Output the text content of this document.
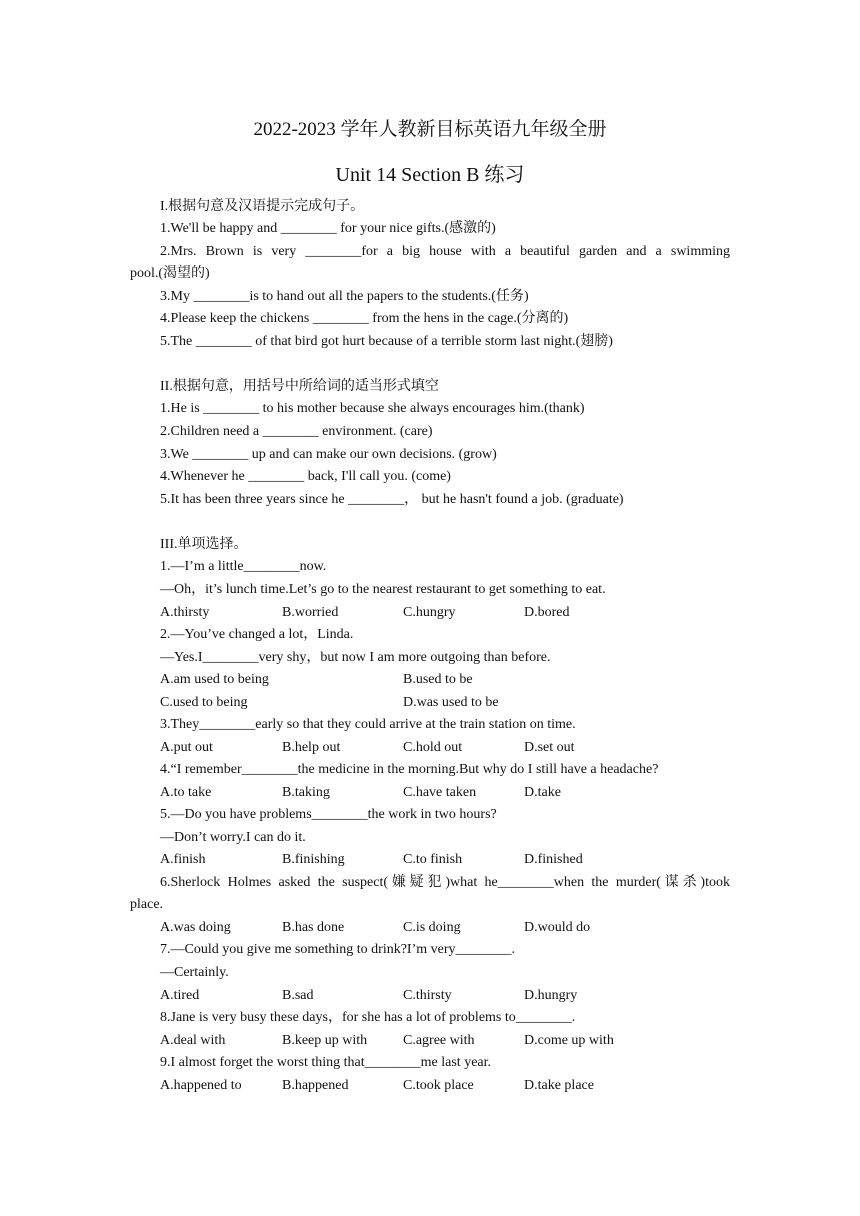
2022-2023 学年人教新目标英语九年级全册
Unit 14 Section B 练习
I.根据句意及汉语提示完成句子。
1.We'll be happy and ________ for your nice gifts.(感激的)
2.Mrs. Brown is very ________for a big house with a beautiful garden and a swimming
pool.(渴望的)
3.My ________is to hand out all the papers to the students.(任务)
4.Please keep the chickens ________ from the hens in the cage.(分离的)
5.The ________ of that bird got hurt because of a terrible storm last night.(翅膀)
II.根据句意，用括号中所给词的适当形式填空
1.He is ________ to his mother because she always encourages him.(thank)
2.Children need a ________ environment. (care)
3.We ________ up and can make our own decisions. (grow)
4.Whenever he ________ back, I'll call you. (come)
5.It has been three years since he ________， but he hasn't found a job. (graduate)
III.单项选择。
1.—I’m a little________now.
—Oh，it’s lunch time.Let’s go to the nearest restaurant to get something to eat.
A.thirsty	B.worried	C.hungry	D.bored
2.—You’ve changed a lot，Linda.
—Yes.I________very shy，but now I am more outgoing than before.
A.am used to being	B.used to be
C.used to being	D.was used to be
3.They________early so that they could arrive at the train station on time.
A.put out	B.help out	C.hold out	D.set out
4.“I remember________the medicine in the morning.But why do I still have a headache?
A.to take	B.taking	C.have taken	D.take
5.—Do you have problems________the work in two hours?
—Don’t worry.I can do it.
A.finish	B.finishing	C.to finish	D.finished
6.Sherlock Holmes asked the suspect(嫌疑犯)what he________when the murder(谋杀)took
place.
A.was doing	B.has done	C.is doing	D.would do
7.—Could you give me something to drink?I’m very________.
—Certainly.
A.tired	B.sad	C.thirsty	D.hungry
8.Jane is very busy these days，for she has a lot of problems to________.
A.deal with	B.keep up with	C.agree with	D.come up with
9.I almost forget the worst thing that________me last year.
A.happened to	B.happened	C.took place	D.take place
